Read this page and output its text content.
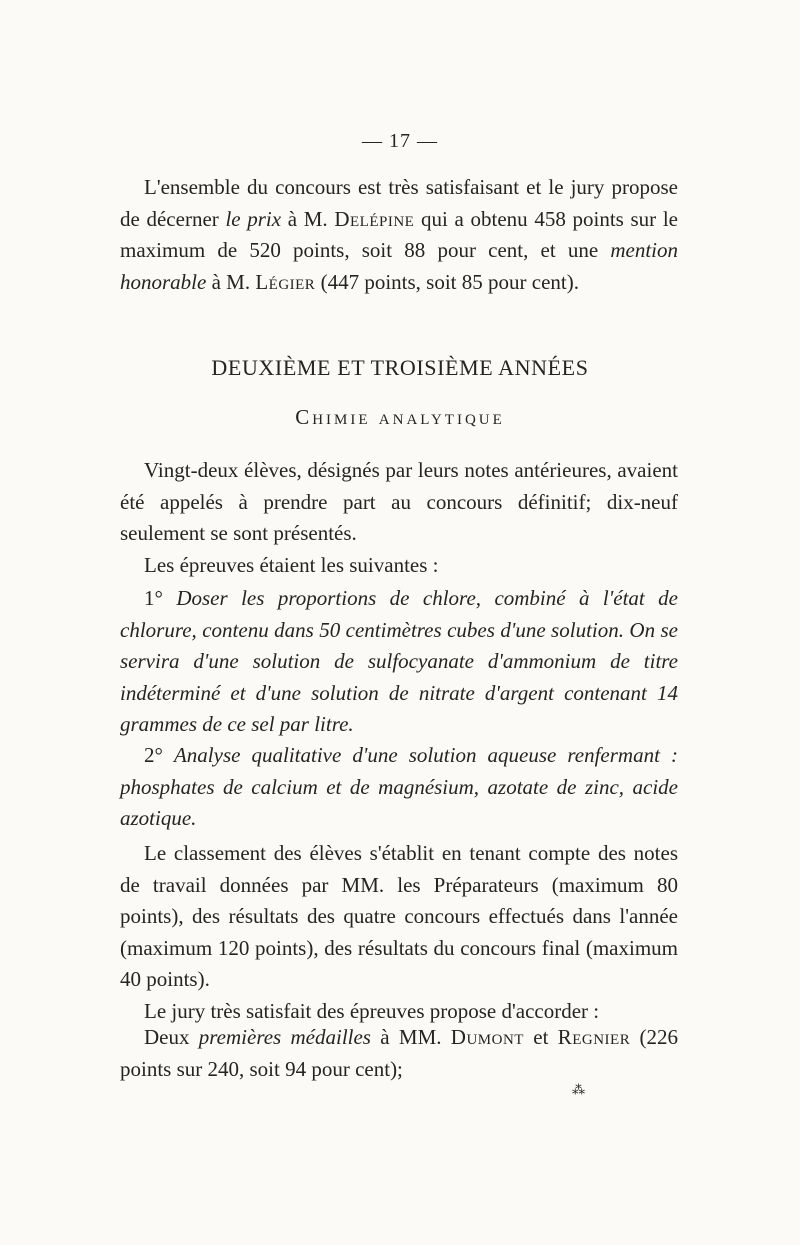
— 17 —

L'ensemble du concours est très satisfaisant et le jury propose de décerner le prix à M. Delépine qui a obtenu 458 points sur le maximum de 520 points, soit 88 pour cent, et une mention honorable à M. Légier (447 points, soit 85 pour cent).

DEUXIÈME ET TROISIÈME ANNÉES
Chimie analytique

Vingt-deux élèves, désignés par leurs notes antérieures, avaient été appelés à prendre part au concours définitif; dix-neuf seulement se sont présentés.

Les épreuves étaient les suivantes :

1° Doser les proportions de chlore, combiné à l'état de chlorure, contenu dans 50 centimètres cubes d'une solution. On se servira d'une solution de sulfocyanate d'ammonium de titre indéterminé et d'une solution de nitrate d'argent contenant 14 grammes de ce sel par litre.

2° Analyse qualitative d'une solution aqueuse renfermant : phosphates de calcium et de magnésium, azotate de zinc, acide azotique.

Le classement des élèves s'établit en tenant compte des notes de travail données par MM. les Préparateurs (maximum 80 points), des résultats des quatre concours effectués dans l'année (maximum 120 points), des résultats du concours final (maximum 40 points).

Le jury très satisfait des épreuves propose d'accorder :

Deux premières médailles à MM. Dumont et Regnier (226 points sur 240, soit 94 pour cent);

⁂
